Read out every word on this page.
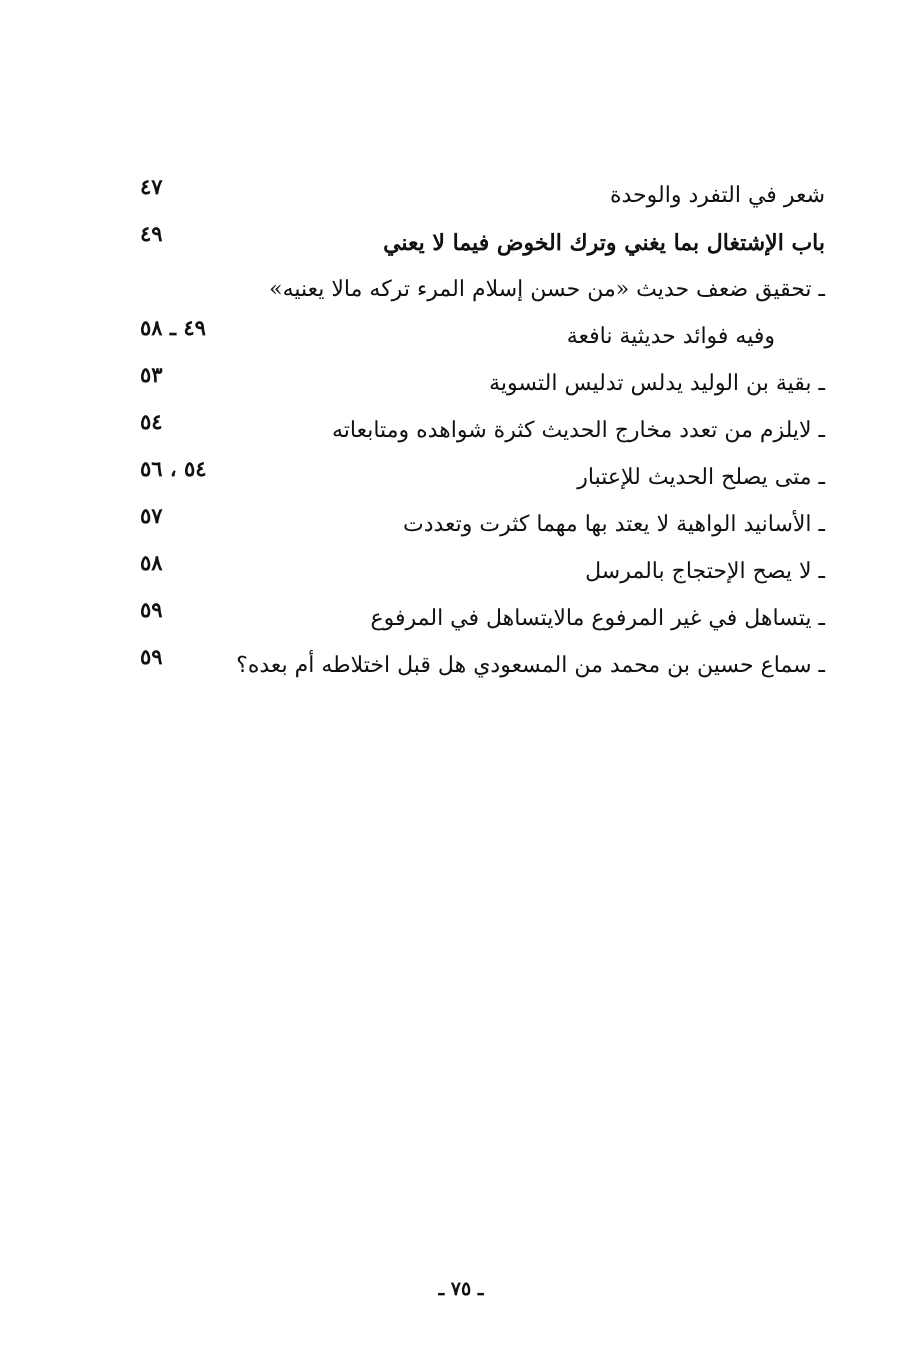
شعر في التفرد والوحدة
٤٧
باب الإشتغال بما يغني وترك الخوض فيما لا يعني
٤٩
ـ تحقيق ضعف حديث «من حسن إسلام المرء تركه مالا يعنيه»
وفيه فوائد حديثية نافعة
٤٩ ـ ٥٨
ـ بقية بن الوليد يدلس تدليس التسوية
٥٣
ـ لايلزم من تعدد مخارج الحديث كثرة شواهده ومتابعاته
٥٤
ـ متى يصلح الحديث للإعتبار
٥٤ ، ٥٦
ـ الأسانيد الواهية لا يعتد بها مهما كثرت وتعددت
٥٧
ـ لا يصح الإحتجاج بالمرسل
٥٨
ـ يتساهل في غير المرفوع مالايتساهل في المرفوع
٥٩
ـ سماع حسين بن محمد من المسعودي هل قبل اختلاطه أم بعده؟
٥٩
ـ ٧٥ ـ
